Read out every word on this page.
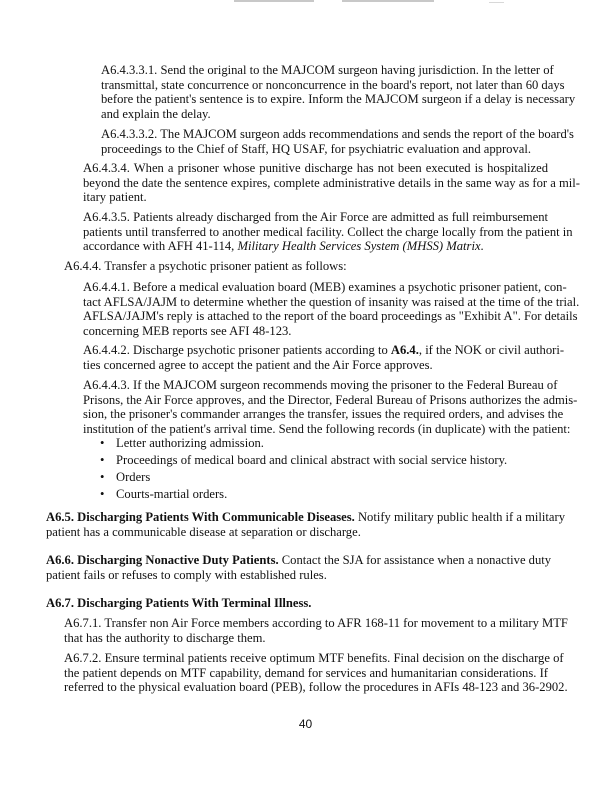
A6.4.3.3.1. Send the original to the MAJCOM surgeon having jurisdiction. In the letter of
transmittal, state concurrence or nonconcurrence in the board's report, not later than 60 days
before the patient's sentence is to expire. Inform the MAJCOM surgeon if a delay is necessary
and explain the delay.
A6.4.3.3.2. The MAJCOM surgeon adds recommendations and sends the report of the board's
proceedings to the Chief of Staff, HQ USAF, for psychiatric evaluation and approval.
A6.4.3.4. When a prisoner whose punitive discharge has not been executed is hospitalized
beyond the date the sentence expires, complete administrative details in the same way as for a mil-
itary patient.
A6.4.3.5. Patients already discharged from the Air Force are admitted as full reimbursement
patients until transferred to another medical facility. Collect the charge locally from the patient in
accordance with AFH 41-114, Military Health Services System (MHSS) Matrix.
A6.4.4. Transfer a psychotic prisoner patient as follows:
A6.4.4.1. Before a medical evaluation board (MEB) examines a psychotic prisoner patient, con-
tact AFLSA/JAJM to determine whether the question of insanity was raised at the time of the trial.
AFLSA/JAJM's reply is attached to the report of the board proceedings as "Exhibit A". For details
concerning MEB reports see AFI 48-123.
A6.4.4.2. Discharge psychotic prisoner patients according to A6.4., if the NOK or civil authori-
ties concerned agree to accept the patient and the Air Force approves.
A6.4.4.3. If the MAJCOM surgeon recommends moving the prisoner to the Federal Bureau of
Prisons, the Air Force approves, and the Director, Federal Bureau of Prisons authorizes the admis-
sion, the prisoner's commander arranges the transfer, issues the required orders, and advises the
institution of the patient's arrival time. Send the following records (in duplicate) with the patient:
• Letter authorizing admission.
• Proceedings of medical board and clinical abstract with social service history.
• Orders
• Courts-martial orders.
A6.5. Discharging Patients With Communicable Diseases. Notify military public health if a military
patient has a communicable disease at separation or discharge.
A6.6. Discharging Nonactive Duty Patients. Contact the SJA for assistance when a nonactive duty
patient fails or refuses to comply with established rules.
A6.7. Discharging Patients With Terminal Illness.
A6.7.1. Transfer non Air Force members according to AFR 168-11 for movement to a military MTF
that has the authority to discharge them.
A6.7.2. Ensure terminal patients receive optimum MTF benefits. Final decision on the discharge of
the patient depends on MTF capability, demand for services and humanitarian considerations. If
referred to the physical evaluation board (PEB), follow the procedures in AFIs 48-123 and 36-2902.
40
